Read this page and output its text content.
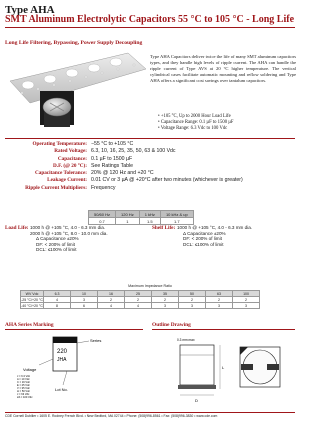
Type AHA
SMT Aluminum Electrolytic Capacitors 55 °C to 105 °C - Long Life
Long Life Filtering, Bypassing, Power Supply Decoupling
Type AHA Capacitors deliver twice the life of many SMT aluminum capacitors types, and they handle high levels of ripple current. The AHA can handle the ripple current of Type AVS at 20 °C higher temperature. The vertical cylindrical cases facilitate automatic mounting and reflow soldering and Type AHA offers a significant cost savings over tantalum capacitors.
• +105 °C, Up to 2000 Hour Load Life
• Capacitance Range: 0.1 µF to 1500 µF
• Voltage Range: 6.3 Vdc to 100 Vdc
Operating Temperature: −55 °C to +105 °C
Rated Voltage: 6.3, 10, 16, 25, 35, 50, 63 & 100 Vdc
Capacitance: 0.1 µF to 1500 µF
D.F. (@ 20 °C): See Ratings Table
Capacitance Tolerance: 20% @ 120 Hz and +20 °C
Leakage Current: 0.01 CV or 3 µA @ +20°C after two minutes (whichever is greater)
Ripple Current Multipliers: Frequency
50/60 Hz	120 Hz	1 kHz	10 kHz & up
0.7	1	1.5	1.7
Load Life: 1000 h @ +105 °C, 4.0 - 6.3 mm dia.
2000 h @ +105 °C, 8.0 - 10.0 mm dia.
Δ Capacitance ±20%
DF: < 200% of limit
DCL: ≤100% of limit
Shelf Life: 1000 h @ +105 °C, 4.0 - 6.3 mm dia.
Δ Capacitance ±20%
DF: < 200% of limit
DCL: ≤100% of limit
Maximum Impedance Ratio
WV Vdc	6.3	10	16	25	35	50	63	100
-25 °C/+20 °C	4	3	2	2	2	2	2	2
-40 °C/+20 °C	8	6	4	4	3	3	3	3
AHA Series Marking	Outline Drawing
220
JHA
Series
Voltage
J = 6.3 Vdc
A = 10 Vdc
C = 16 Vdc
E = 25 Vdc
V = 35 Vdc
H = 50 Vdc
J = 63 Vdc
2A = 100 Vdc
Lot No.
0.3 mm max
L
D
CDE Cornell Dubilier • 1605 E. Rodney French Blvd. • New Bedford, MA 02744 • Phone: (508)996-8561 • Fax: (508)996-3830 • www.cde.com
